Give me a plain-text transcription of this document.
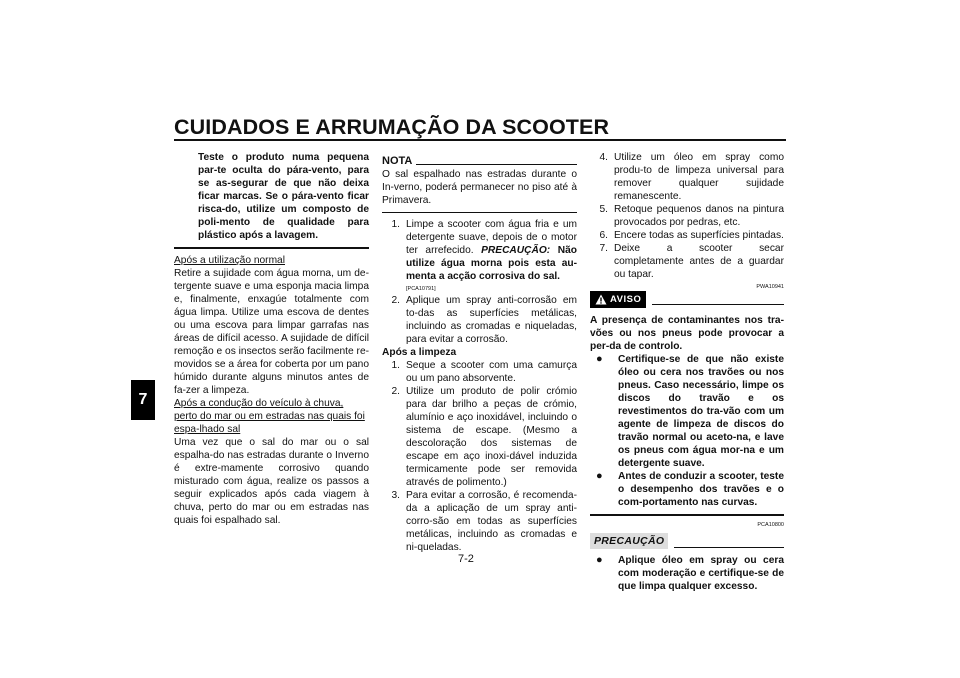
CUIDADOS E ARRUMAÇÃO DA SCOOTER
7

Teste o produto numa pequena par-te oculta do pára-vento, para se as-segurar de que não deixa ficar marcas. Se o pára-vento ficar risca-do, utilize um composto de poli-mento de qualidade para plástico após a lavagem.

Após a utilização normal

Retire a sujidade com água morna, um de-tergente suave e uma esponja macia limpa e, finalmente, enxagúe totalmente com água limpa. Utilize uma escova de dentes ou uma escova para limpar garrafas nas áreas de difícil acesso. A sujidade de difícil remoção e os insectos serão facilmente re-movidos se a área for coberta por um pano húmido durante alguns minutos antes de fa-zer a limpeza.

Após a condução do veículo à chuva, perto do mar ou em estradas nas quais foi espa-lhado sal

Uma vez que o sal do mar ou o sal espalha-do nas estradas durante o Inverno é extre-mamente corrosivo quando misturado com água, realize os passos a seguir explicados após cada viagem à chuva, perto do mar ou em estradas nas quais foi espalhado sal.

NOTA

O sal espalhado nas estradas durante o In-verno, poderá permanecer no piso até à Primavera.

1. Limpe a scooter com água fria e um detergente suave, depois de o motor ter arrefecido. PRECAUÇÃO: Não utilize água morna pois esta au-menta a acção corrosiva do sal.
[PCA10791]
2. Aplique um spray anti-corrosão em to-das as superfícies metálicas, incluindo as cromadas e niqueladas, para evitar a corrosão.

Após a limpeza

1. Seque a scooter com uma camurça ou um pano absorvente.
2. Utilize um produto de polir crómio para dar brilho a peças de crómio, alumínio e aço inoxidável, incluindo o sistema de escape. (Mesmo a descoloração dos sistemas de escape em aço inoxi-dável induzida termicamente pode ser removida através de polimento.)
3. Para evitar a corrosão, é recomenda-da a aplicação de um spray anti-corro-são em todas as superfícies metálicas, incluindo as cromadas e ni-queladas.
4. Utilize um óleo em spray como produ-to de limpeza universal para remover qualquer sujidade remanescente.
5. Retoque pequenos danos na pintura provocados por pedras, etc.
6. Encere todas as superfícies pintadas.
7. Deixe a scooter secar completamente antes de a guardar ou tapar.
PWA10941
AVISO

A presença de contaminantes nos tra-vões ou nos pneus pode provocar a per-da de controlo.

●	Certifique-se de que não existe óleo ou cera nos travões ou nos pneus. Caso necessário, limpe os discos do travão e os revestimentos do tra-vão com um agente de limpeza de discos do travão normal ou aceto-na, e lave os pneus com água mor-na e um detergente suave.
●	Antes de conduzir a scooter, teste o desempenho dos travões e o com-portamento nas curvas.
PCA10800
PRECAUÇÃO
●	Aplique óleo em spray ou cera com moderação e certifique-se de que limpa qualquer excesso.
7-2
